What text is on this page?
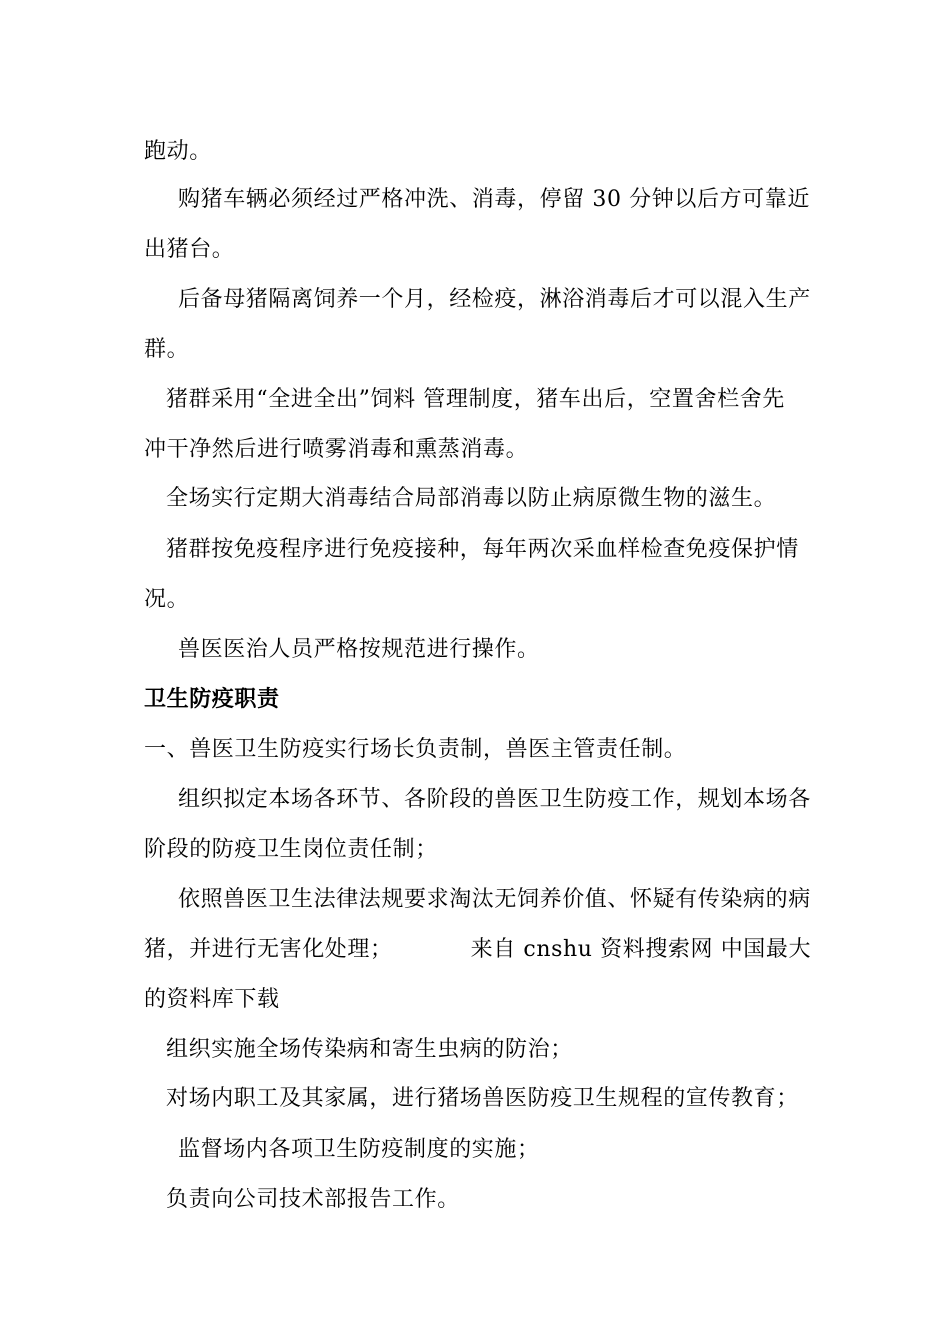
跑动。
购猪车辆必须经过严格冲洗、消毒，停留 30 分钟以后方可靠近
出猪台。
后备母猪隔离饲养一个月，经检疫，淋浴消毒后才可以混入生产
群。
猪群采用“全进全出”饲料 管理制度，猪车出后，空置舍栏舍先
冲干净然后进行喷雾消毒和熏蒸消毒。
全场实行定期大消毒结合局部消毒以防止病原微生物的滋生。
猪群按免疫程序进行免疫接种，每年两次采血样检查免疫保护情
况。
兽医医治人员严格按规范进行操作。
卫生防疫职责
一、兽医卫生防疫实行场长负责制，兽医主管责任制。
组织拟定本场各环节、各阶段的兽医卫生防疫工作，规划本场各
阶段的防疫卫生岗位责任制；
依照兽医卫生法律法规要求淘汰无饲养价值、怀疑有传染病的病
猪，并进行无害化处理；	来自 cnshu 资料搜索网 中国最大
的资料库下载
组织实施全场传染病和寄生虫病的防治；
对场内职工及其家属，进行猪场兽医防疫卫生规程的宣传教育；
监督场内各项卫生防疫制度的实施；
负责向公司技术部报告工作。
